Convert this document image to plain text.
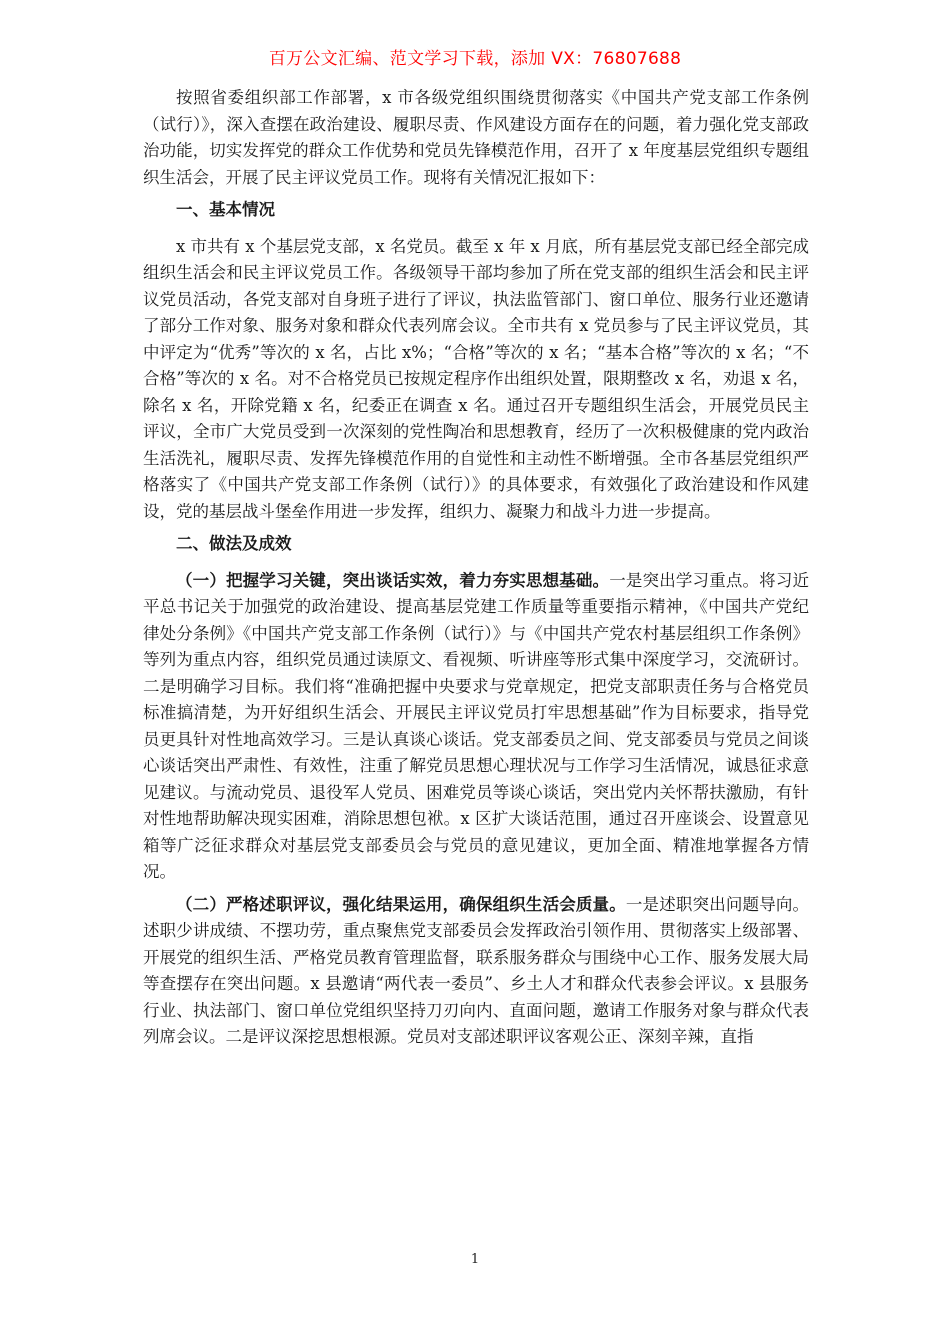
百万公文汇编、范文学习下载，添加 VX：76807688

按照省委组织部工作部署，x 市各级党组织围绕贯彻落实《中国共产党支部工作条例（试行）》，深入查摆在政治建设、履职尽责、作风建设方面存在的问题，着力强化党支部政治功能，切实发挥党的群众工作优势和党员先锋模范作用，召开了 x 年度基层党组织专题组织生活会，开展了民主评议党员工作。现将有关情况汇报如下：

一、基本情况

x 市共有 x 个基层党支部，x 名党员。截至 x 年 x 月底，所有基层党支部已经全部完成组织生活会和民主评议党员工作。各级领导干部均参加了所在党支部的组织生活会和民主评议党员活动，各党支部对自身班子进行了评议，执法监管部门、窗口单位、服务行业还邀请了部分工作对象、服务对象和群众代表列席会议。全市共有 x 党员参与了民主评议党员，其中评定为“优秀”等次的 x 名，占比 x%；“合格”等次的 x 名；“基本合格”等次的 x 名；“不合格”等次的 x 名。对不合格党员已按规定程序作出组织处置，限期整改 x 名，劝退 x 名，除名 x 名，开除党籍 x 名，纪委正在调查 x 名。通过召开专题组织生活会，开展党员民主评议，全市广大党员受到一次深刻的党性陶冶和思想教育，经历了一次积极健康的党内政治生活洗礼，履职尽责、发挥先锋模范作用的自觉性和主动性不断增强。全市各基层党组织严格落实了《中国共产党支部工作条例（试行）》的具体要求，有效强化了政治建设和作风建设，党的基层战斗堡垒作用进一步发挥，组织力、凝聚力和战斗力进一步提高。

二、做法及成效

（一）把握学习关键，突出谈话实效，着力夯实思想基础。一是突出学习重点。将习近平总书记关于加强党的政治建设、提高基层党建工作质量等重要指示精神，《中国共产党纪律处分条例》《中国共产党支部工作条例（试行）》与《中国共产党农村基层组织工作条例》等列为重点内容，组织党员通过读原文、看视频、听讲座等形式集中深度学习，交流研讨。二是明确学习目标。我们将“准确把握中央要求与党章规定，把党支部职责任务与合格党员标准搞清楚，为开好组织生活会、开展民主评议党员打牢思想基础”作为目标要求，指导党员更具针对性地高效学习。三是认真谈心谈话。党支部委员之间、党支部委员与党员之间谈心谈话突出严肃性、有效性，注重了解党员思想心理状况与工作学习生活情况，诚恳征求意见建议。与流动党员、退役军人党员、困难党员等谈心谈话，突出党内关怀帮扶激励，有针对性地帮助解决现实困难，消除思想包袱。x 区扩大谈话范围，通过召开座谈会、设置意见箱等广泛征求群众对基层党支部委员会与党员的意见建议，更加全面、精准地掌握各方情况。

（二）严格述职评议，强化结果运用，确保组织生活会质量。一是述职突出问题导向。述职少讲成绩、不摆功劳，重点聚焦党支部委员会发挥政治引领作用、贯彻落实上级部署、开展党的组织生活、严格党员教育管理监督，联系服务群众与围绕中心工作、服务发展大局等查摆存在突出问题。x 县邀请“两代表一委员”、乡土人才和群众代表参会评议。x 县服务行业、执法部门、窗口单位党组织坚持刀刃向内、直面问题，邀请工作服务对象与群众代表列席会议。二是评议深挖思想根源。党员对支部述职评议客观公正、深刻辛辣，直指

1
